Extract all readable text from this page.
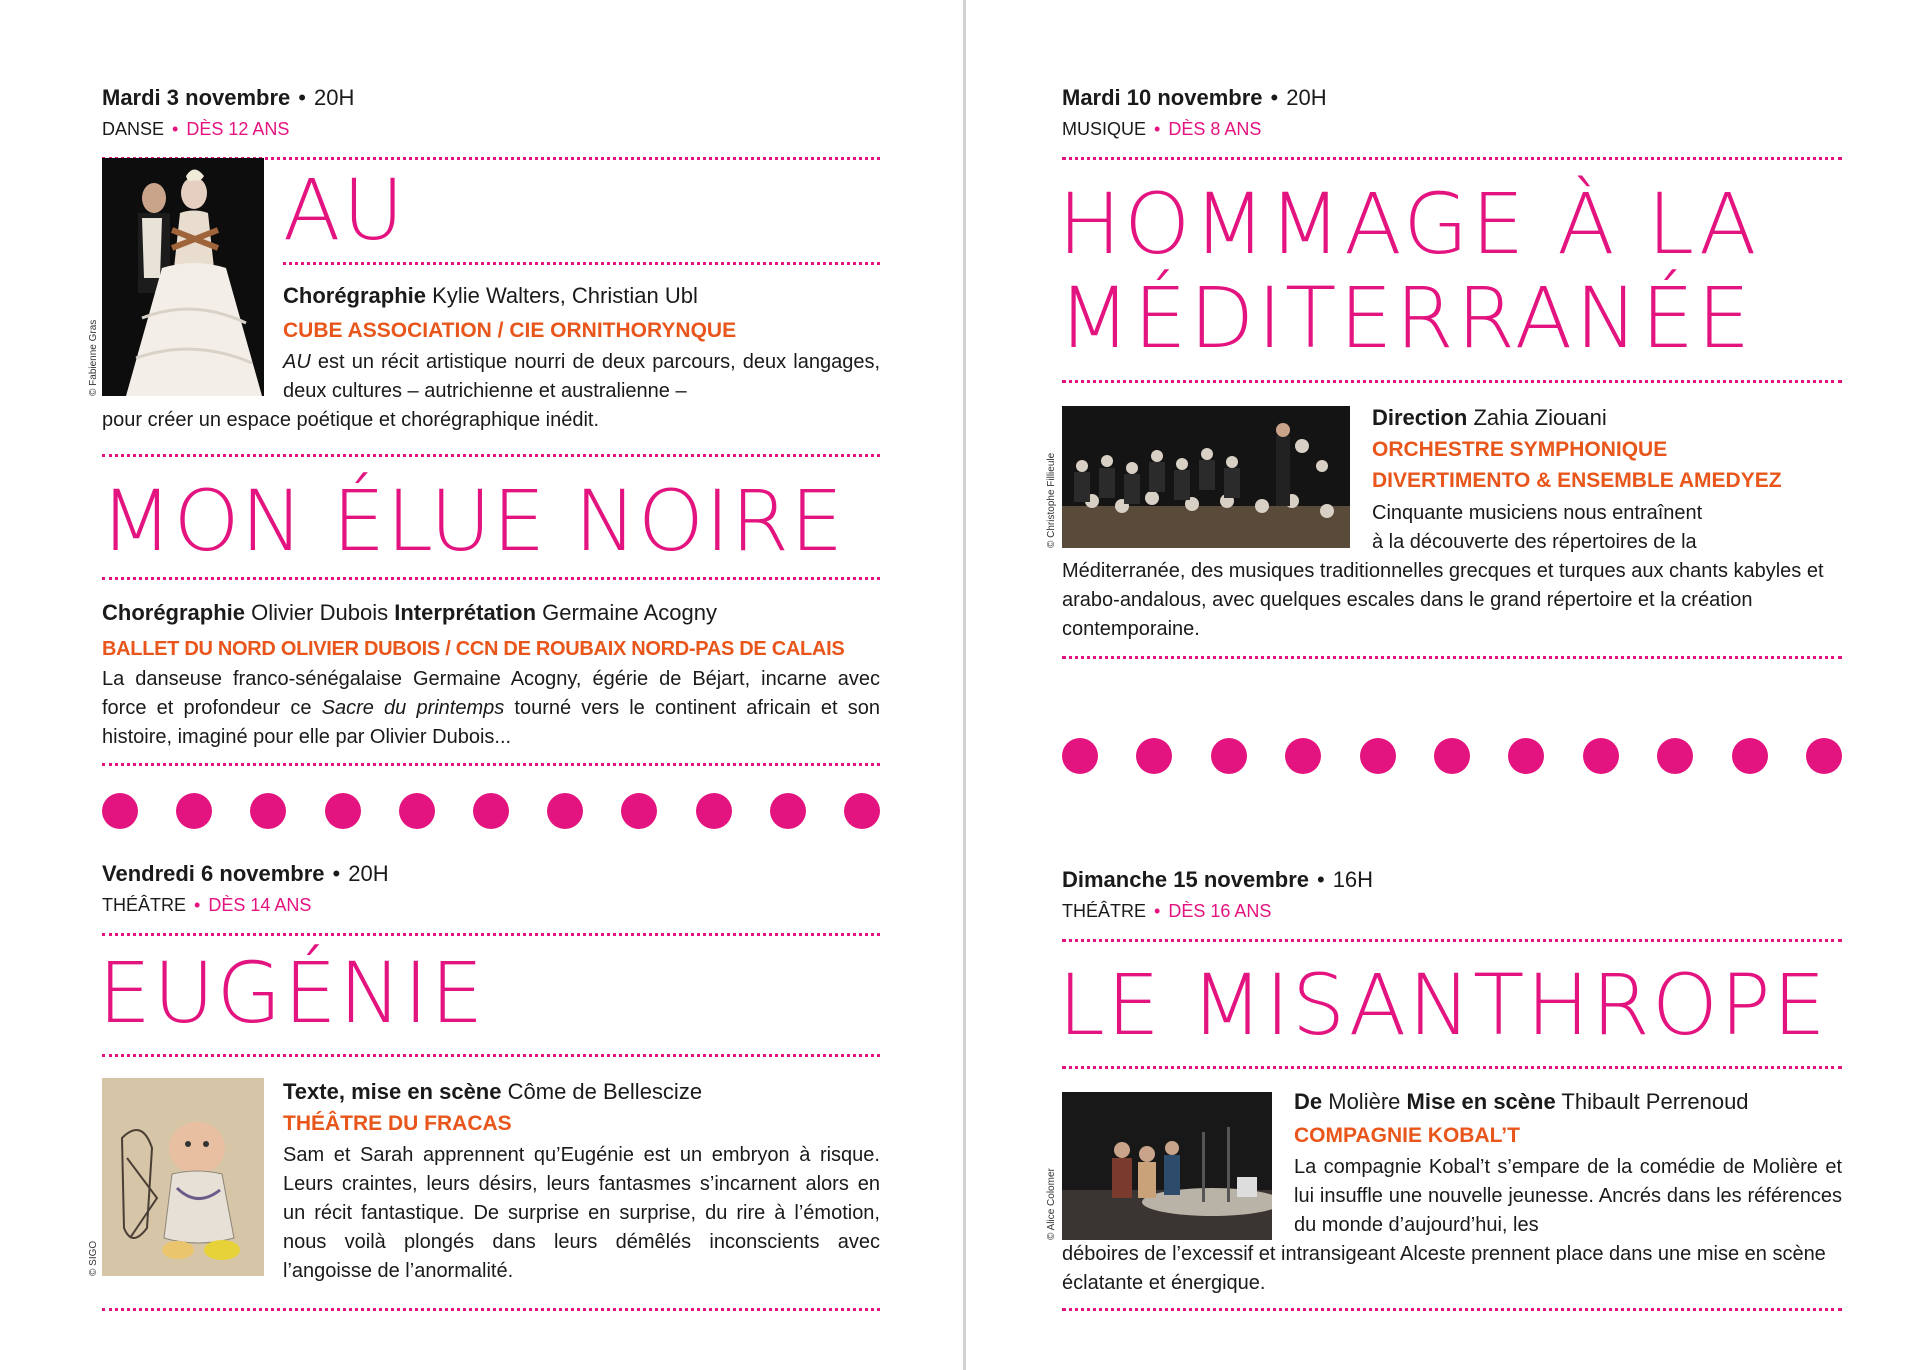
Mardi 3 novembre • 20H
DANSE • DÈS 12 ANS
© Fabienne Gras
AU
Chorégraphie Kylie Walters, Christian Ubl
CUBE ASSOCIATION / CIE ORNITHORYNQUE
AU est un récit artistique nourri de deux parcours, deux langages, deux cultures – autrichienne et australienne –
pour créer un espace poétique et chorégraphique inédit.
MON ÉLUE NOIRE
Chorégraphie Olivier Dubois Interprétation Germaine Acogny
BALLET DU NORD OLIVIER DUBOIS / CCN DE ROUBAIX NORD-PAS DE CALAIS
La danseuse franco-sénégalaise Germaine Acogny, égérie de Béjart, incarne avec force et profondeur ce Sacre du printemps tourné vers le continent africain et son histoire, imaginé pour elle par Olivier Dubois...
Vendredi 6 novembre • 20H
THÉÂTRE • DÈS 14 ANS
EUGÉNIE
© SIGO
Texte, mise en scène Côme de Bellescize
THÉÂTRE DU FRACAS
Sam et Sarah apprennent qu’Eugénie est un embryon à risque. Leurs craintes, leurs désirs, leurs fantasmes s’incarnent alors en un récit fantastique. De surprise en surprise, du rire à l’émotion, nous voilà plongés dans leurs démêlés inconscients avec l’angoisse de l’anormalité.
Mardi 10 novembre • 20H
MUSIQUE • DÈS 8 ANS
HOMMAGE À LA
MÉDITERRANÉE
© Christophe Fillieule
Direction Zahia Ziouani
ORCHESTRE SYMPHONIQUE
DIVERTIMENTO & ENSEMBLE AMEDYEZ
Cinquante musiciens nous entraînent
à la découverte des répertoires de la
Méditerranée, des musiques traditionnelles grecques et turques aux chants kabyles et arabo-andalous, avec quelques escales dans le grand répertoire et la création contemporaine.
Dimanche 15 novembre • 16H
THÉÂTRE • DÈS 16 ANS
LE MISANTHROPE
© Alice Colomer
De Molière Mise en scène Thibault Perrenoud
COMPAGNIE KOBAL’T
La compagnie Kobal’t s’empare de la comédie de Molière et lui insuffle une nouvelle jeunesse. Ancrés dans les références du monde d’aujourd’hui, les
déboires de l’excessif et intransigeant Alceste prennent place dans une mise en scène éclatante et énergique.
